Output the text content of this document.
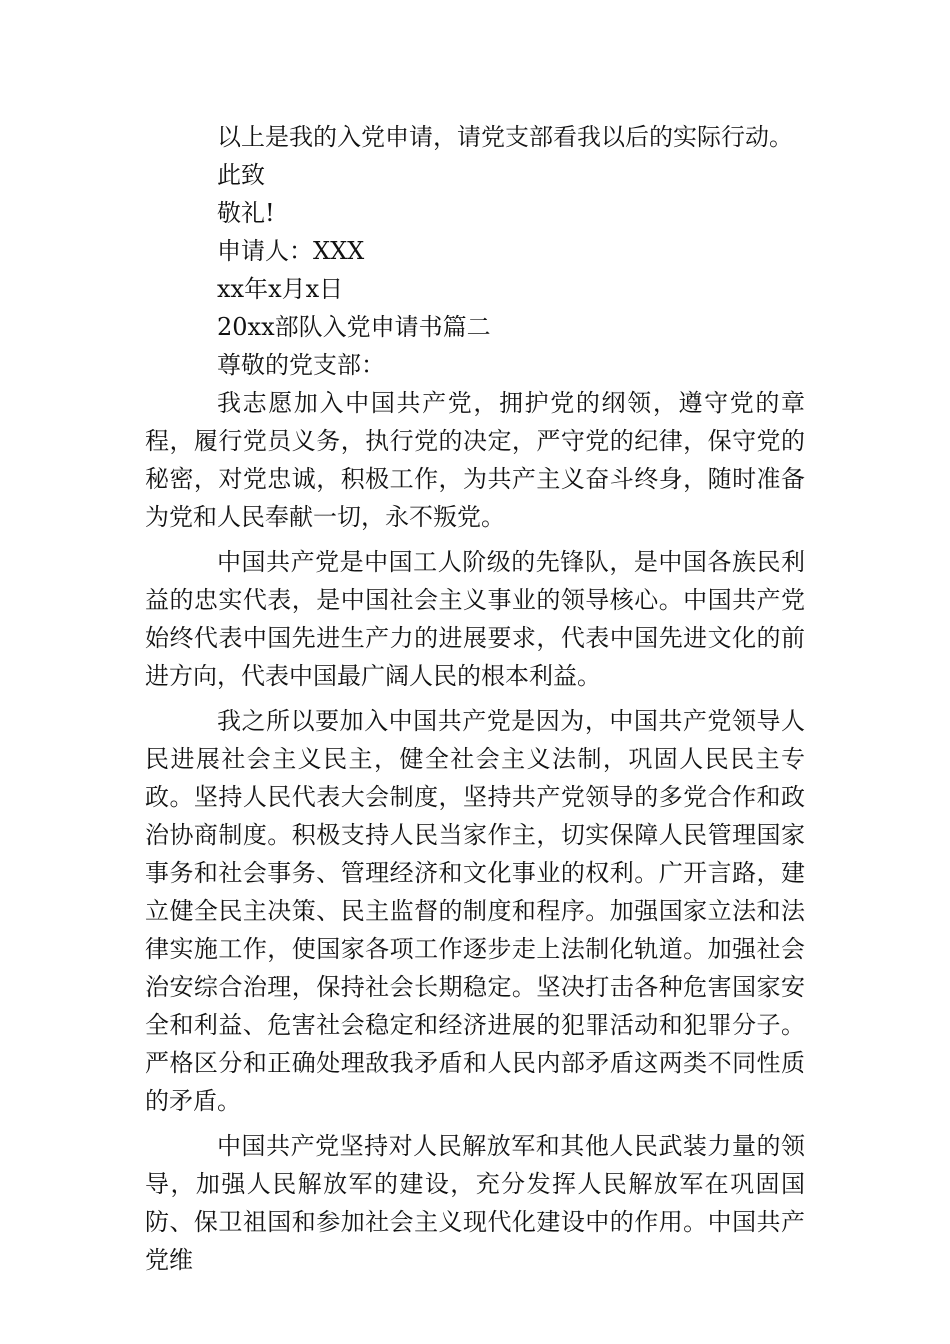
以上是我的入党申请，请党支部看我以后的实际行动。
此致
敬礼!
申请人：XXX
xx年x月x日
20xx部队入党申请书篇二
尊敬的党支部：

我志愿加入中国共产党，拥护党的纲领，遵守党的章程，履行党员义务，执行党的决定，严守党的纪律，保守党的秘密，对党忠诚，积极工作，为共产主义奋斗终身，随时准备为党和人民奉献一切，永不叛党。

中国共产党是中国工人阶级的先锋队，是中国各族民利益的忠实代表，是中国社会主义事业的领导核心。中国共产党始终代表中国先进生产力的进展要求，代表中国先进文化的前进方向，代表中国最广阔人民的根本利益。

我之所以要加入中国共产党是因为，中国共产党领导人民进展社会主义民主，健全社会主义法制，巩固人民民主专政。坚持人民代表大会制度，坚持共产党领导的多党合作和政治协商制度。积极支持人民当家作主，切实保障人民管理国家事务和社会事务、管理经济和文化事业的权利。广开言路，建立健全民主决策、民主监督的制度和程序。加强国家立法和法律实施工作，使国家各项工作逐步走上法制化轨道。加强社会治安综合治理，保持社会长期稳定。坚决打击各种危害国家安全和利益、危害社会稳定和经济进展的犯罪活动和犯罪分子。严格区分和正确处理敌我矛盾和人民内部矛盾这两类不同性质的矛盾。

中国共产党坚持对人民解放军和其他人民武装力量的领导，加强人民解放军的建设，充分发挥人民解放军在巩固国防、保卫祖国和参加社会主义现代化建设中的作用。中国共产党维
